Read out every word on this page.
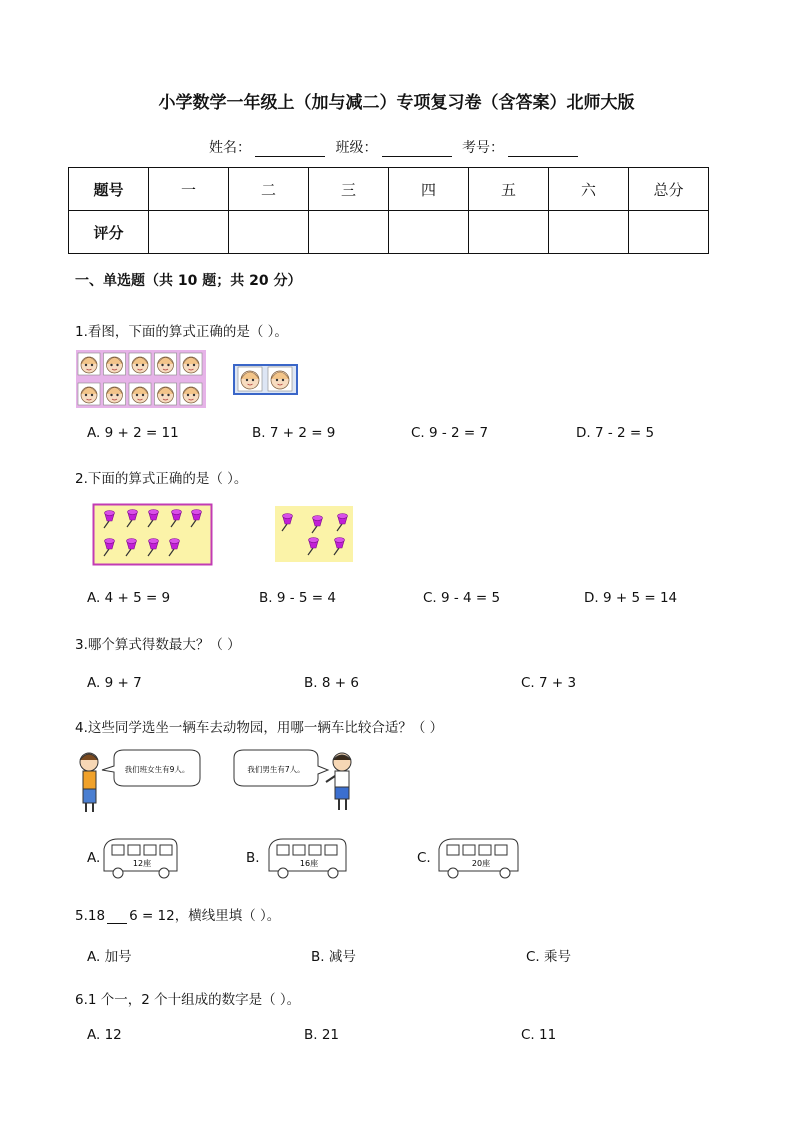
小学数学一年级上（加与减二）专项复习卷（含答案）北师大版
姓名：	班级：	考号：
题号	一	二	三	四	五	六	总分
评分							
一、单选题（共 10 题；共 20 分）
1.看图，下面的算式正确的是（ ）。
A. 9 + 2 = 11	B. 7 + 2 = 9	C. 9 - 2 = 7	D. 7 - 2 = 5
2.下面的算式正确的是（ ）。
A. 4 + 5 = 9	B. 9 - 5 = 4	C. 9 - 4 = 5	D. 9 + 5 = 14
3.哪个算式得数最大？（ ）
A. 9 + 7	B. 8 + 6	C. 7 + 3
4.这些同学选坐一辆车去动物园，用哪一辆车比较合适？（ ）
我们班女生有9人。	我们男生有7人。
A.	B.	C.
12座	16座	20座
5.18 6 = 12，横线里填（ ）。
A. 加号	B. 减号	C. 乘号
6.1 个一，2 个十组成的数字是（ ）。
A. 12	B. 21	C. 11
